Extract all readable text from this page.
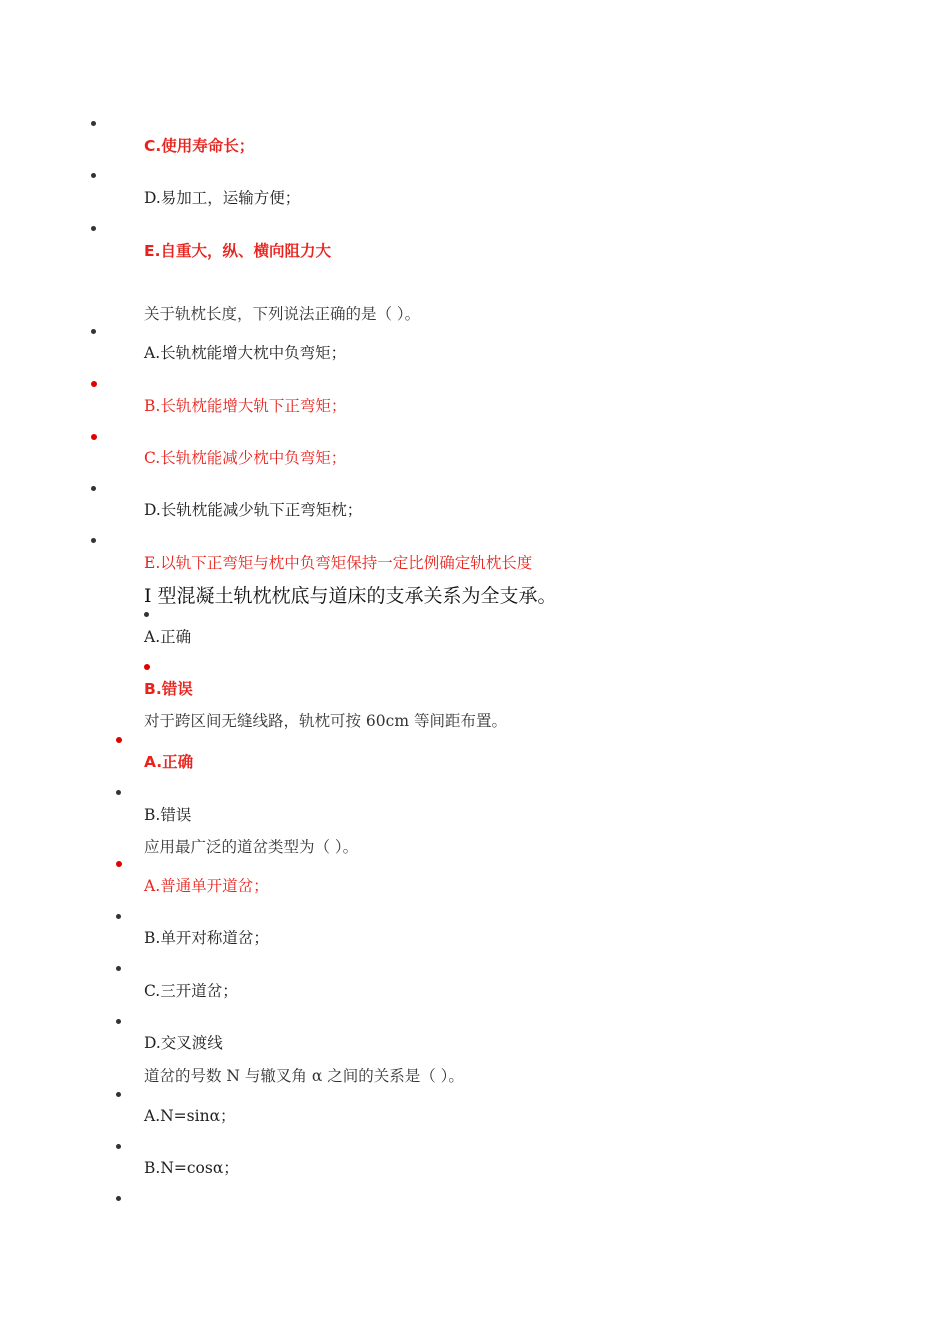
C.使用寿命长；
D.易加工，运输方便；
E.自重大，纵、横向阻力大
关于轨枕长度，下列说法正确的是（ ）。
A.长轨枕能增大枕中负弯矩；
B.长轨枕能增大轨下正弯矩；
C.长轨枕能减少枕中负弯矩；
D.长轨枕能减少轨下正弯矩枕；
E.以轨下正弯矩与枕中负弯矩保持一定比例确定轨枕长度
Ⅰ 型混凝土轨枕枕底与道床的支承关系为全支承。
A.正确
B.错误
对于跨区间无缝线路，轨枕可按 60cm 等间距布置。
A.正确
B.错误
应用最广泛的道岔类型为（ ）。
A.普通单开道岔；
B.单开对称道岔；
C.三开道岔；
D.交叉渡线
道岔的号数 N 与辙叉角 α 之间的关系是（ ）。
A.N=sinα；
B.N=cosα；
